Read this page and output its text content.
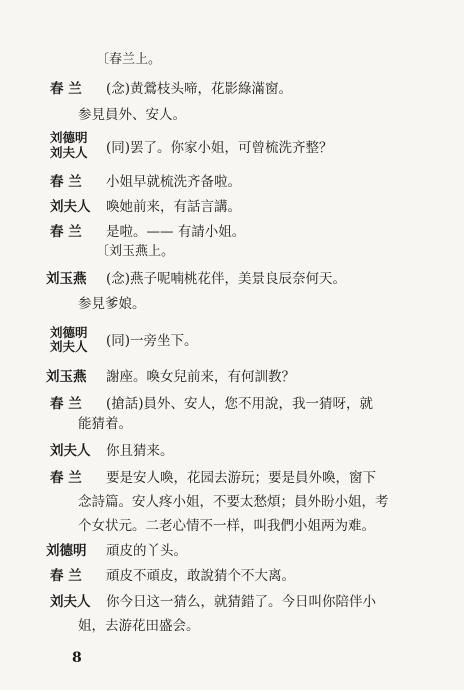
〔春兰上。
春 兰 (念)黄鶯枝头啼，花影綠滿窗。
参見員外、安人。
刘德明
刘夫人 (同)罢了。你家小姐，可曾梳洗齐整？
春 兰 小姐早就梳洗齐备啦。
刘夫人 喚她前来，有話言講。
春 兰 是啦。—— 有請小姐。
〔刘玉燕上。
刘玉燕 (念)燕子呢喃桃花伴，美景良辰奈何天。
参見爹娘。
刘德明
刘夫人 (同)一旁坐下。
刘玉燕 謝座。喚女兒前来，有何訓教？
春 兰 (搶話)員外、安人，您不用說，我一猜呀，就
能猜着。
刘夫人 你且猜来。
春 兰 要是安人喚，花园去游玩；要是員外喚，窗下
念詩篇。安人疼小姐，不要太愁煩；員外盼小姐，考
个女状元。二老心情不一样，叫我們小姐两为难。
刘德明 頑皮的丫头。
春 兰 頑皮不頑皮，敢說猜个不大离。
刘夫人 你今日这一猜么，就猜錯了。今日叫你陪伴小
姐，去游花田盛会。
8
